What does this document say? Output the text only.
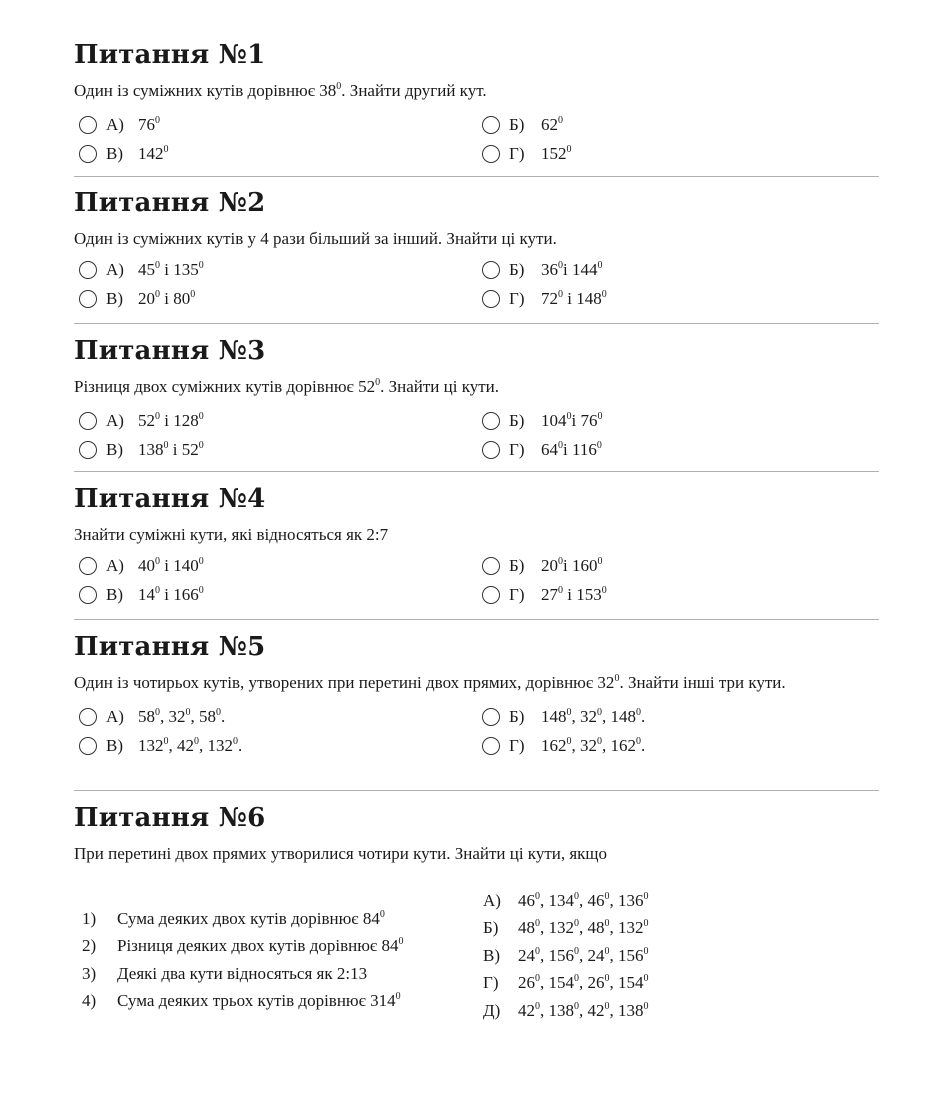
Питання №1

Один із суміжних кутів дорівнює $38^0$. Знайти другий кут.

А) $76^0$	Б) $62^0$
В) $142^0$	Г) $152^0$
Питання №2

Один із суміжних кутів у 4 рази більший за інший. Знайти ці кути.

А) $45^0$ і $135^0$	Б) $36^0і$ $144^0$
В) $20^0$ і $80^0$	Г) $72^0$ і $148^0$
Питання №3

Різниця двох суміжних кутів дорівнює $52^0$. Знайти ці кути.

А) $52^0$ і $128^0$	Б) $104^0і$ $76^0$
В) $138^0$ і $52^0$	Г) $64^0і$ $116^0$
Питання №4

Знайти суміжні кути, які відносяться як 2:7

А) $40^0$ і $140^0$	Б) $20^0і$ $160^0$
В) $14^0$ і $166^0$	Г) $27^0$ і $153^0$
Питання №5

Один із чотирьох кутів, утворених при перетині двох прямих, дорівнює $32^0$. Знайти інші три кути.

А) $58^0$, $32^0$, $58^0$.	Б) $148^0$, $32^0$, $148^0$.
В) $132^0$, $42^0$, $132^0$.	Г) $162^0$, $32^0$, $162^0$.
Питання №6

При перетині двох прямих утворилися чотири кути. Знайти ці кути, якщо

1)	Сума деяких двох кутів дорівнює $84^0$
2)	Різниця деяких двох кутів дорівнює $84^0$
3)	Деякі два кути відносяться як 2:13
4)	Сума деяких трьох кутів дорівнює $314^0$
А)	$46^0$, $134^0$, $46^0$, $136^0$
Б)	$48^0$, $132^0$, $48^0$, $132^0$
В)	$24^0$, $156^0$, $24^0$, $156^0$
Г)	$26^0$, $154^0$, $26^0$, $154^0$
Д)	$42^0$, $138^0$, $42^0$, $138^0$
